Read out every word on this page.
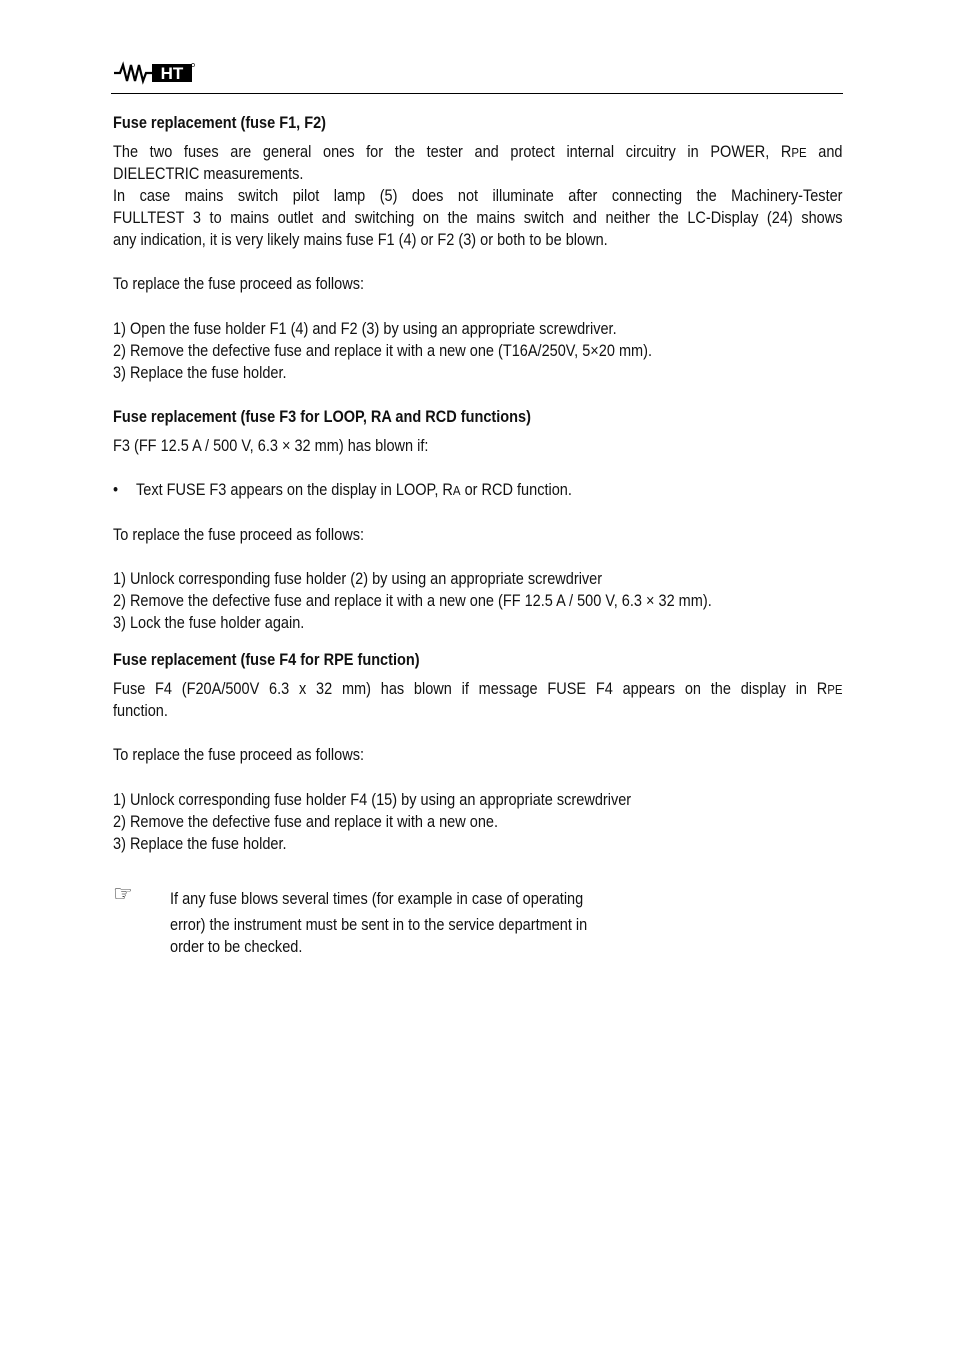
HT
Fuse replacement (fuse F1, F2)
The two fuses are general ones for the tester and protect internal circuitry in POWER, RPE and
DIELECTRIC measurements.
In case mains switch pilot lamp (5) does not illuminate after connecting the Machinery-Tester
FULLTEST 3 to mains outlet and switching on the mains switch and neither the LC-Display (24) shows
any indication, it is very likely mains fuse F1 (4) or F2 (3) or both to be blown.
To replace the fuse proceed as follows:
1) Open the fuse holder F1 (4) and F2 (3) by using an appropriate screwdriver.
2) Remove the defective fuse and replace it with a new one (T16A/250V, 5×20 mm).
3) Replace the fuse holder.
Fuse replacement (fuse F3 for LOOP, RA and RCD functions)
F3 (FF 12.5 A / 500 V, 6.3 × 32 mm) has blown if:
• Text FUSE F3 appears on the display in LOOP, RA or RCD function.
To replace the fuse proceed as follows:
1) Unlock corresponding fuse holder (2) by using an appropriate screwdriver
2) Remove the defective fuse and replace it with a new one (FF 12.5 A / 500 V, 6.3 × 32 mm).
3) Lock the fuse holder again.
Fuse replacement (fuse F4 for RPE function)
Fuse F4 (F20A/500V 6.3 x 32 mm) has blown if message FUSE F4 appears on the display in RPE
function.
To replace the fuse proceed as follows:
1) Unlock corresponding fuse holder F4 (15) by using an appropriate screwdriver
2) Remove the defective fuse and replace it with a new one.
3) Replace the fuse holder.
☞ If any fuse blows several times (for example in case of operating
error) the instrument must be sent in to the service department in
order to be checked.
